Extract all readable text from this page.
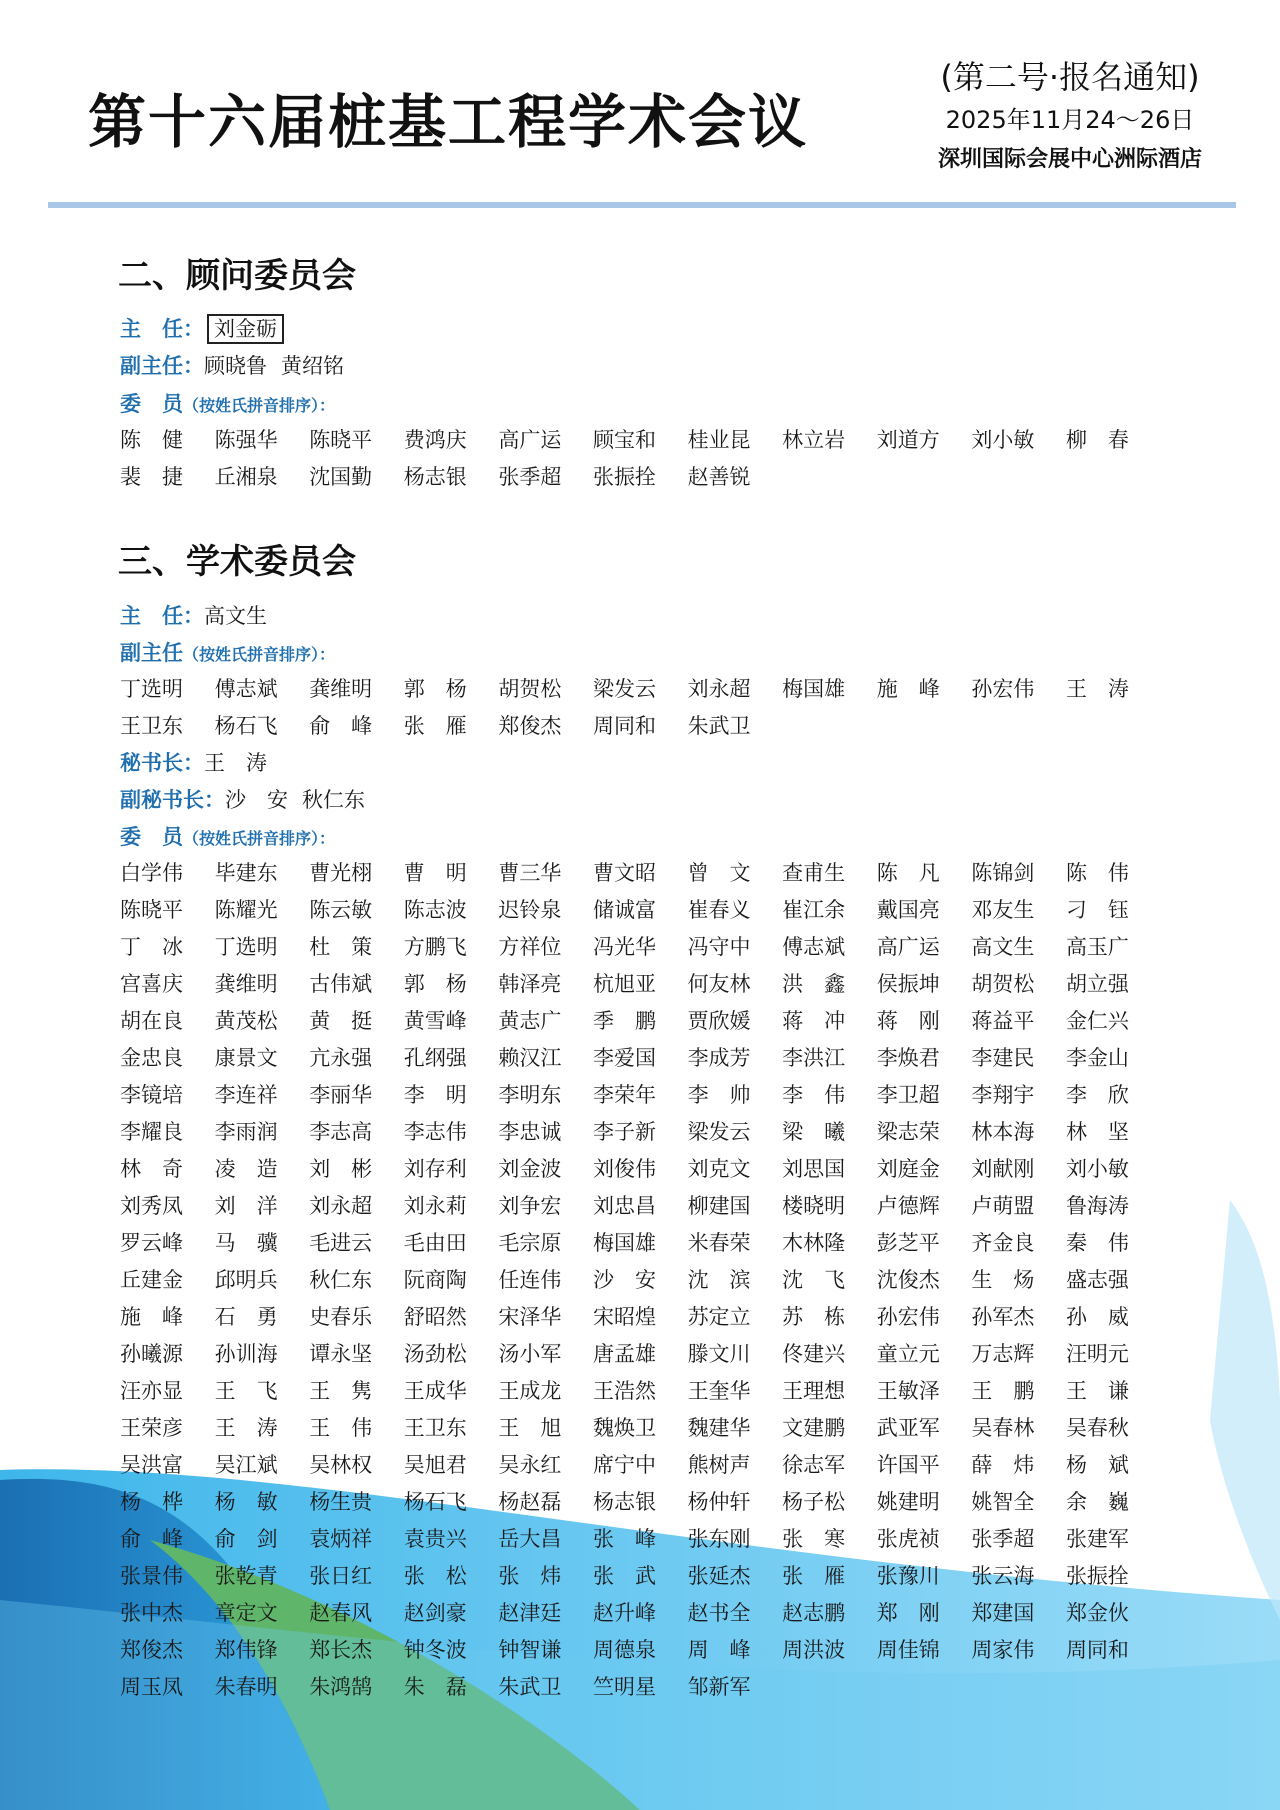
第十六届桩基工程学术会议
(第二号·报名通知)
2025年11月24～26日
深圳国际会展中心洲际酒店
二、顾问委员会
主　任： 刘金砺
副主任：顾晓鲁 黄绍铭
委　员（按姓氏拼音排序）：
陈　健	陈强华	陈晓平	费鸿庆	高广运	顾宝和	桂业昆	林立岩	刘道方	刘小敏	柳　春
裴　捷	丘湘泉	沈国勤	杨志银	张季超	张振拴	赵善锐
三、学术委员会
主　任：高文生
副主任（按姓氏拼音排序）：
丁选明	傅志斌	龚维明	郭　杨	胡贺松	梁发云	刘永超	梅国雄	施　峰	孙宏伟	王　涛
王卫东	杨石飞	俞　峰	张　雁	郑俊杰	周同和	朱武卫
秘书长：王　涛
副秘书长：沙　安 秋仁东
委　员（按姓氏拼音排序）：
白学伟	毕建东	曹光栩	曹　明	曹三华	曹文昭	曾　文	查甫生	陈　凡	陈锦剑	陈　伟
陈晓平	陈耀光	陈云敏	陈志波	迟铃泉	储诚富	崔春义	崔江余	戴国亮	邓友生	刁　钰
丁　冰	丁选明	杜　策	方鹏飞	方祥位	冯光华	冯守中	傅志斌	高广运	高文生	高玉广
宫喜庆	龚维明	古伟斌	郭　杨	韩泽亮	杭旭亚	何友林	洪　鑫	侯振坤	胡贺松	胡立强
胡在良	黄茂松	黄　挺	黄雪峰	黄志广	季　鹏	贾欣媛	蒋　冲	蒋　刚	蒋益平	金仁兴
金忠良	康景文	亢永强	孔纲强	赖汉江	李爱国	李成芳	李洪江	李焕君	李建民	李金山
李镜培	李连祥	李丽华	李　明	李明东	李荣年	李　帅	李　伟	李卫超	李翔宇	李　欣
李耀良	李雨润	李志高	李志伟	李忠诚	李子新	梁发云	梁　曦	梁志荣	林本海	林　坚
林　奇	凌　造	刘　彬	刘存利	刘金波	刘俊伟	刘克文	刘思国	刘庭金	刘献刚	刘小敏
刘秀凤	刘　洋	刘永超	刘永莉	刘争宏	刘忠昌	柳建国	楼晓明	卢德辉	卢萌盟	鲁海涛
罗云峰	马　骥	毛进云	毛由田	毛宗原	梅国雄	米春荣	木林隆	彭芝平	齐金良	秦　伟
丘建金	邱明兵	秋仁东	阮商陶	任连伟	沙　安	沈　滨	沈　飞	沈俊杰	生　炀	盛志强
施　峰	石　勇	史春乐	舒昭然	宋泽华	宋昭煌	苏定立	苏　栋	孙宏伟	孙军杰	孙　威
孙曦源	孙训海	谭永坚	汤劲松	汤小军	唐孟雄	滕文川	佟建兴	童立元	万志辉	汪明元
汪亦显	王　飞	王　隽	王成华	王成龙	王浩然	王奎华	王理想	王敏泽	王　鹏	王　谦
王荣彦	王　涛	王　伟	王卫东	王　旭	魏焕卫	魏建华	文建鹏	武亚军	吴春林	吴春秋
吴洪富	吴江斌	吴林权	吴旭君	吴永红	席宁中	熊树声	徐志军	许国平	薛　炜	杨　斌
杨　桦	杨　敏	杨生贵	杨石飞	杨赵磊	杨志银	杨仲轩	杨子松	姚建明	姚智全	余　巍
俞　峰	俞　剑	袁炳祥	袁贵兴	岳大昌	张　峰	张东刚	张　寒	张虎祯	张季超	张建军
张景伟	张乾青	张日红	张　松	张　炜	张　武	张延杰	张　雁	张豫川	张云海	张振拴
张中杰	章定文	赵春风	赵剑豪	赵津廷	赵升峰	赵书全	赵志鹏	郑　刚	郑建国	郑金伙
郑俊杰	郑伟锋	郑长杰	钟冬波	钟智谦	周德泉	周　峰	周洪波	周佳锦	周家伟	周同和
周玉凤	朱春明	朱鸿鹄	朱　磊	朱武卫	竺明星	邹新军
